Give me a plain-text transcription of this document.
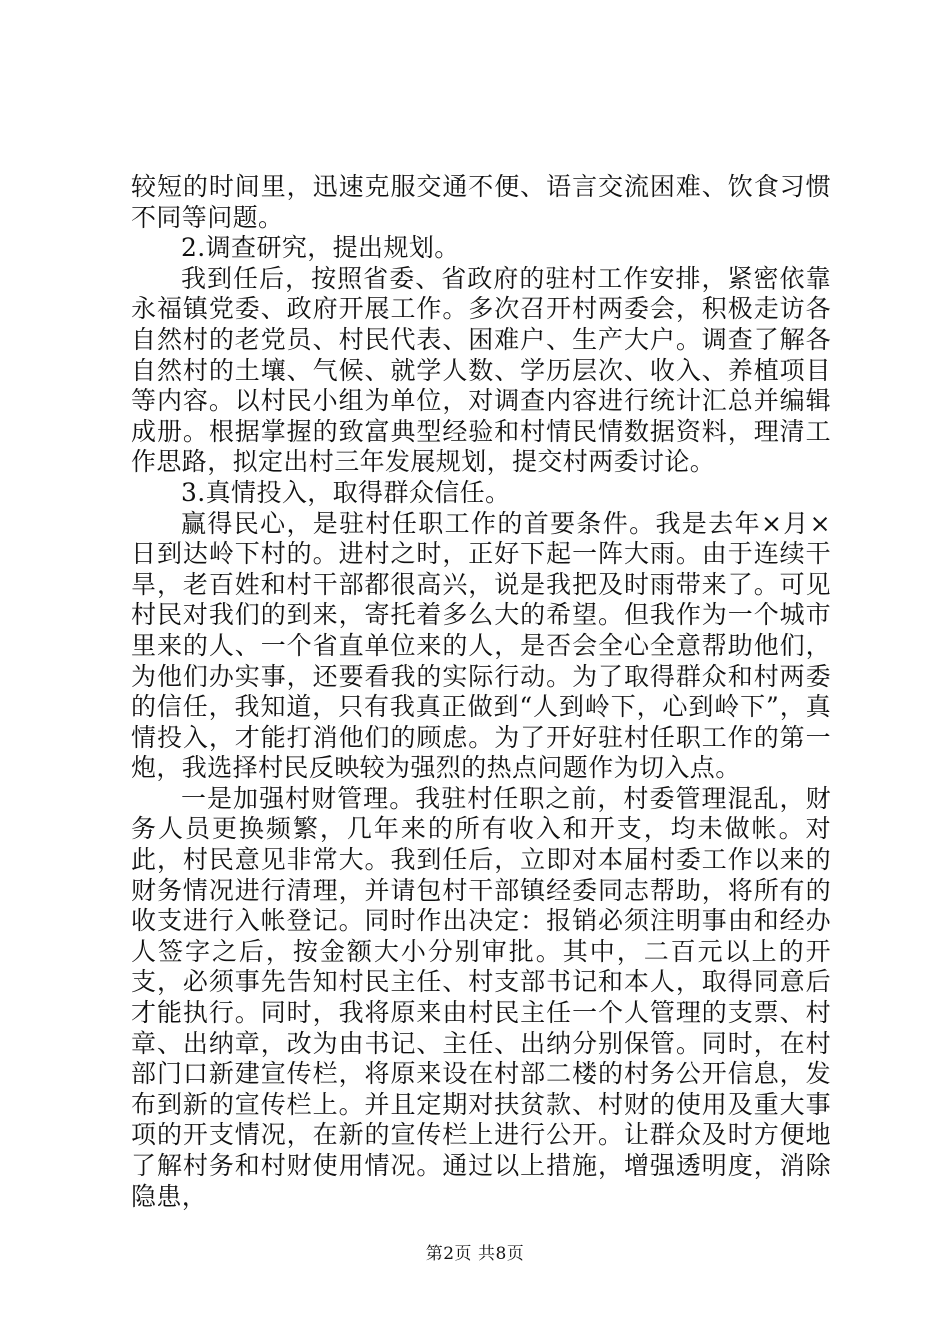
较短的时间里，迅速克服交通不便、语言交流困难、饮食习惯不同等问题。

2.调查研究，提出规划。

我到任后，按照省委、省政府的驻村工作安排，紧密依靠永福镇党委、政府开展工作。多次召开村两委会，积极走访各自然村的老党员、村民代表、困难户、生产大户。调查了解各自然村的土壤、气候、就学人数、学历层次、收入、养植项目等内容。以村民小组为单位，对调查内容进行统计汇总并编辑成册。根据掌握的致富典型经验和村情民情数据资料，理清工作思路，拟定出村三年发展规划，提交村两委讨论。

3.真情投入，取得群众信任。

赢得民心，是驻村任职工作的首要条件。我是去年×月×日到达岭下村的。进村之时，正好下起一阵大雨。由于连续干旱，老百姓和村干部都很高兴，说是我把及时雨带来了。可见村民对我们的到来，寄托着多么大的希望。但我作为一个城市里来的人、一个省直单位来的人，是否会全心全意帮助他们，为他们办实事，还要看我的实际行动。为了取得群众和村两委的信任，我知道，只有我真正做到“人到岭下，心到岭下”，真情投入，才能打消他们的顾虑。为了开好驻村任职工作的第一炮，我选择村民反映较为强烈的热点问题作为切入点。

一是加强村财管理。我驻村任职之前，村委管理混乱，财务人员更换频繁，几年来的所有收入和开支，均未做帐。对此，村民意见非常大。我到任后，立即对本届村委工作以来的财务情况进行清理，并请包村干部镇经委同志帮助，将所有的收支进行入帐登记。同时作出决定：报销必须注明事由和经办人签字之后，按金额大小分别审批。其中，二百元以上的开支，必须事先告知村民主任、村支部书记和本人，取得同意后才能执行。同时，我将原来由村民主任一个人管理的支票、村章、出纳章，改为由书记、主任、出纳分别保管。同时，在村部门口新建宣传栏，将原来设在村部二楼的村务公开信息，发布到新的宣传栏上。并且定期对扶贫款、村财的使用及重大事项的开支情况，在新的宣传栏上进行公开。让群众及时方便地了解村务和村财使用情况。通过以上措施，增强透明度，消除隐患，

第2页 共8页
